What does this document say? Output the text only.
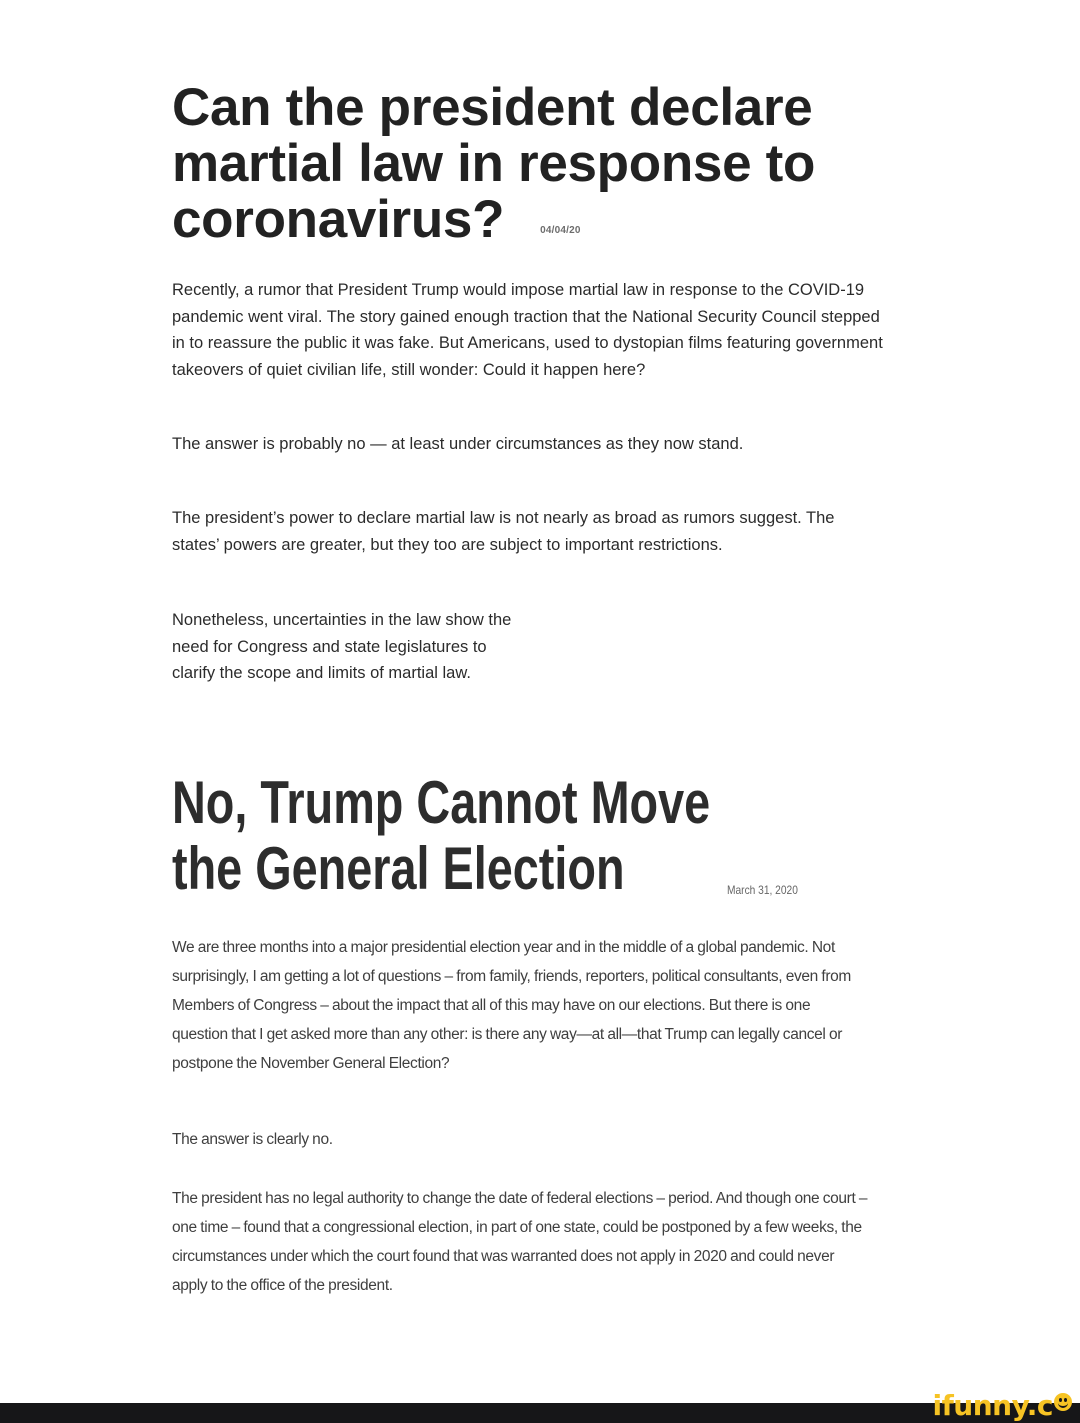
Can the president declare
martial law in response to
coronavirus?	04/04/20

Recently, a rumor that President Trump would impose martial law in response to the COVID-19 pandemic went viral. The story gained enough traction that the National Security Council stepped in to reassure the public it was fake. But Americans, used to dystopian films featuring government takeovers of quiet civilian life, still wonder: Could it happen here?

The answer is probably no — at least under circumstances as they now stand.

The president’s power to declare martial law is not nearly as broad as rumors suggest. The states’ powers are greater, but they too are subject to important restrictions.

Nonetheless, uncertainties in the law show the need for Congress and state legislatures to clarify the scope and limits of martial law.

No, Trump Cannot Move
the General Election	March 31, 2020

We are three months into a major presidential election year and in the middle of a global pandemic. Not surprisingly, I am getting a lot of questions – from family, friends, reporters, political consultants, even from Members of Congress – about the impact that all of this may have on our elections. But there is one question that I get asked more than any other: is there any way—at all—that Trump can legally cancel or postpone the November General Election?

The answer is clearly no.

The president has no legal authority to change the date of federal elections – period. And though one court – one time – found that a congressional election, in part of one state, could be postponed by a few weeks, the circumstances under which the court found that was warranted does not apply in 2020 and could never apply to the office of the president.

ifunny.c
